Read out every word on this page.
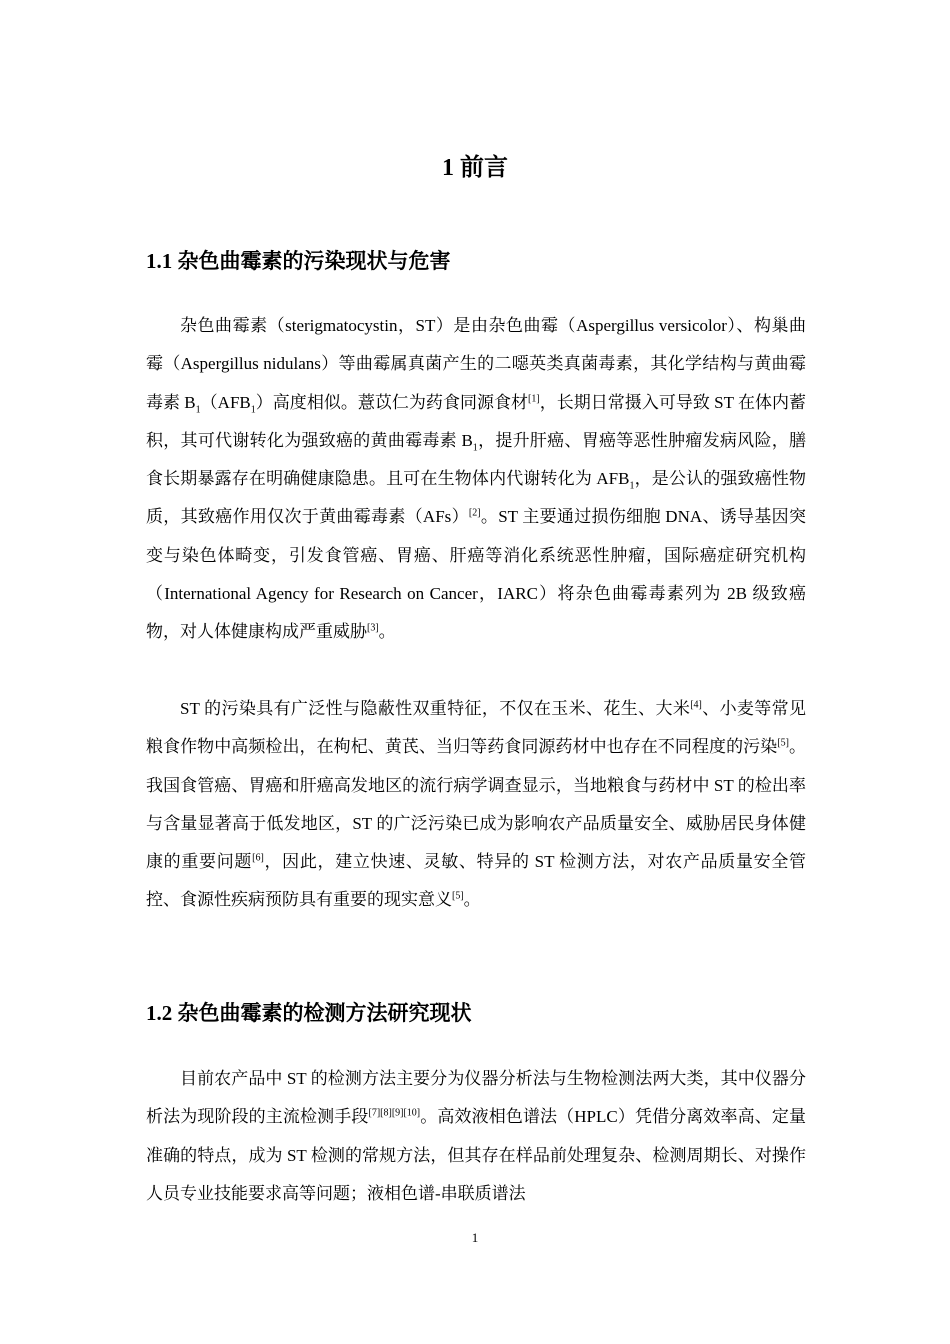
1 前言
1.1 杂色曲霉素的污染现状与危害

杂色曲霉素（sterigmatocystin，ST）是由杂色曲霉（Aspergillus versicolor）、构巢曲霉（Aspergillus nidulans）等曲霉属真菌产生的二噁英类真菌毒素，其化学结构与黄曲霉毒素 $B_1(AFB_1)$高度相似。薏苡仁为药食同源食材[1]，长期日常摄入可导致 ST 在体内蓄积，其可代谢转化为强致癌的黄曲霉毒素 $B_1$，提升肝癌、胃癌等恶性肿瘤发病风险，膳食长期暴露存在明确健康隐患。且可在生物体内代谢转化为 $AFB_1$，是公认的强致癌性物质，其致癌作用仅次于黄曲霉毒素（AFs）[2]。ST 主要通过损伤细胞 DNA、诱导基因突变与染色体畸变，引发食管癌、胃癌、肝癌等消化系统恶性肿瘤，国际癌症研究机构（International Agency for Research on Cancer，IARC）将杂色曲霉毒素列为 2B 级致癌物，对人体健康构成严重威胁[3]。

ST 的污染具有广泛性与隐蔽性双重特征，不仅在玉米、花生、大米[4]、小麦等常见粮食作物中高频检出，在枸杞、黄芪、当归等药食同源药材中也存在不同程度的污染[5]。我国食管癌、胃癌和肝癌高发地区的流行病学调查显示，当地粮食与药材中 ST 的检出率与含量显著高于低发地区，ST 的广泛污染已成为影响农产品质量安全、威胁居民身体健康的重要问题[6]，因此，建立快速、灵敏、特异的 ST 检测方法，对农产品质量安全管控、食源性疾病预防具有重要的现实意义[5]。

1.2 杂色曲霉素的检测方法研究现状

目前农产品中 ST 的检测方法主要分为仪器分析法与生物检测法两大类，其中仪器分析法为现阶段的主流检测手段[7][8][9][10]。高效液相色谱法（HPLC）凭借分离效率高、定量准确的特点，成为 ST 检测的常规方法，但其存在样品前处理复杂、检测周期长、对操作人员专业技能要求高等问题；液相色谱-串联质谱法

1
